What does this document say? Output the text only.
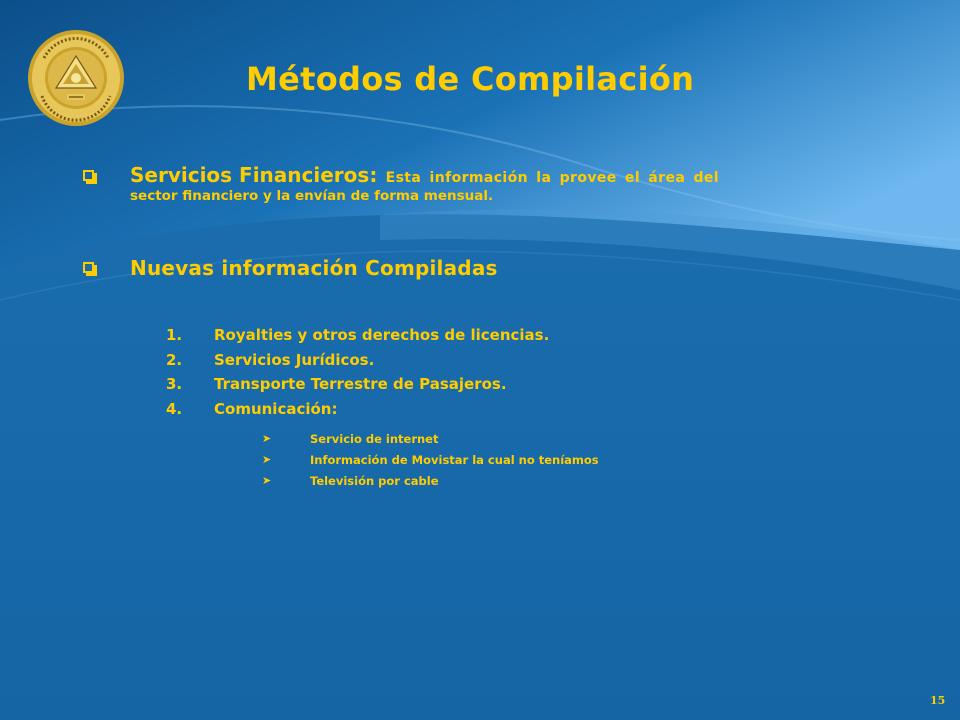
Métodos de Compilación
Servicios Financieros: Esta información la provee el área del
sector financiero y la envían de forma mensual.
Nuevas información Compiladas
1. Royalties y otros derechos de licencias.
2. Servicios Jurídicos.
3. Transporte Terrestre de Pasajeros.
4. Comunicación:
➤	Servicio de internet
➤	Información de Movistar la cual no teníamos
➤	Televisión por cable
15
